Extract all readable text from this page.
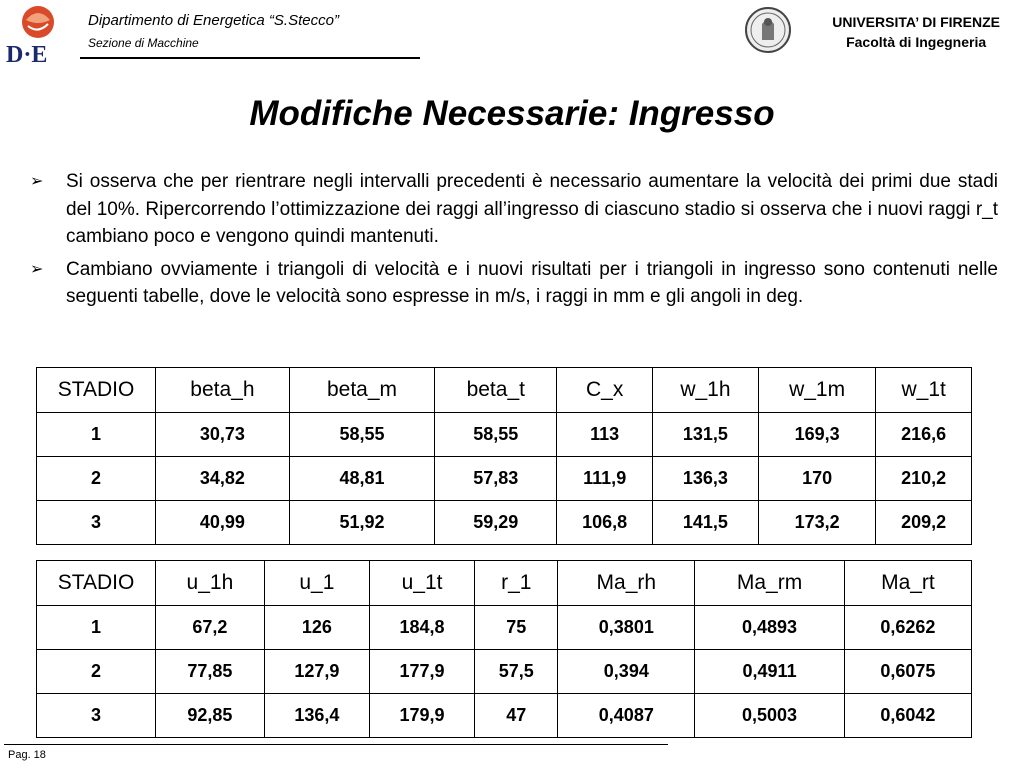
D·E
Dipartimento di Energetica “S.Stecco”
Sezione di Macchine
UNIVERSITA’ DI FIRENZE
Facoltà di Ingegneria
Modifiche Necessarie: Ingresso
➢	Si osserva che per rientrare negli intervalli precedenti è necessario aumentare la velocità dei primi due stadi del 10%. Ripercorrendo l’ottimizzazione dei raggi all’ingresso di ciascuno stadio si osserva che i nuovi raggi r_t cambiano poco e vengono quindi mantenuti.
➢	Cambiano ovviamente i triangoli di velocità e i nuovi risultati per i triangoli in ingresso sono contenuti nelle seguenti tabelle, dove le velocità sono espresse in m/s, i raggi in mm e gli angoli in deg.
STADIO	beta_h	beta_m	beta_t	C_x	w_1h	w_1m	w_1t
1	30,73	58,55	58,55	113	131,5	169,3	216,6
2	34,82	48,81	57,83	111,9	136,3	170	210,2
3	40,99	51,92	59,29	106,8	141,5	173,2	209,2
STADIO	u_1h	u_1	u_1t	r_1	Ma_rh	Ma_rm	Ma_rt
1	67,2	126	184,8	75	0,3801	0,4893	0,6262
2	77,85	127,9	177,9	57,5	0,394	0,4911	0,6075
3	92,85	136,4	179,9	47	0,4087	0,5003	0,6042
Pag. 18
